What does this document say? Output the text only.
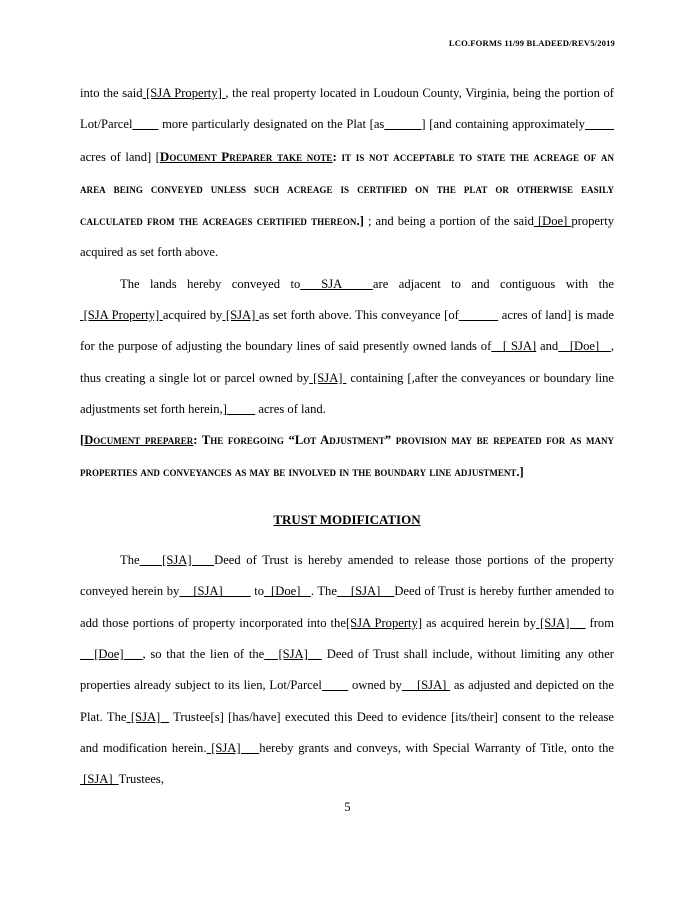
LCO.FORMS 11/99 BLADEED/REV5/2019

into the said [SJA Property] , the real property located in Loudoun County, Virginia, being the portion of Lot/Parcel        more particularly designated on the Plat [as	] [and containing approximately         acres of land] [Document Preparer take note: it is not acceptable to state the acreage of an area being conveyed unless such acreage is certified on the plat or otherwise easily calculated from the acreages certified thereon.] ; and being a portion of the said [Doe] property acquired as set forth above.

The lands hereby conveyed to  SJA   are adjacent to and contiguous with the [SJA Property] acquired by [SJA] as set forth above. This conveyance [of	acres of land] is made for the purpose of adjusting the boundary lines of said presently owned lands of   [ SJA] and   [Doe]   , thus creating a single lot or parcel owned by [SJA]  containing [,after the conveyances or boundary line adjustments set forth herein,]          acres of land.

[Document preparer: The foregoing “Lot Adjustment” provision may be repeated for as many properties and conveyances as may be involved in the boundary line adjustment.]

TRUST MODIFICATION

The    [SJA]    Deed of Trust is hereby amended to release those portions of the property conveyed herein by    [SJA]         to  [Doe]   . The    [SJA]    Deed of Trust is hereby further amended to add those portions of property incorporated into the[SJA Property] as acquired herein by [SJA]     from   [Doe]    , so that the lien of the   [SJA]    Deed of Trust shall include, without limiting any other properties already subject to its lien, Lot/Parcel        owned by    [SJA]  as adjusted and depicted on the Plat. The [SJA]   Trustee[s] [has/have] executed this Deed to evidence [its/their] consent to the release and modification herein. [SJA]    hereby grants and conveys, with Special Warranty of Title, onto the [SJA]  Trustees,

5
